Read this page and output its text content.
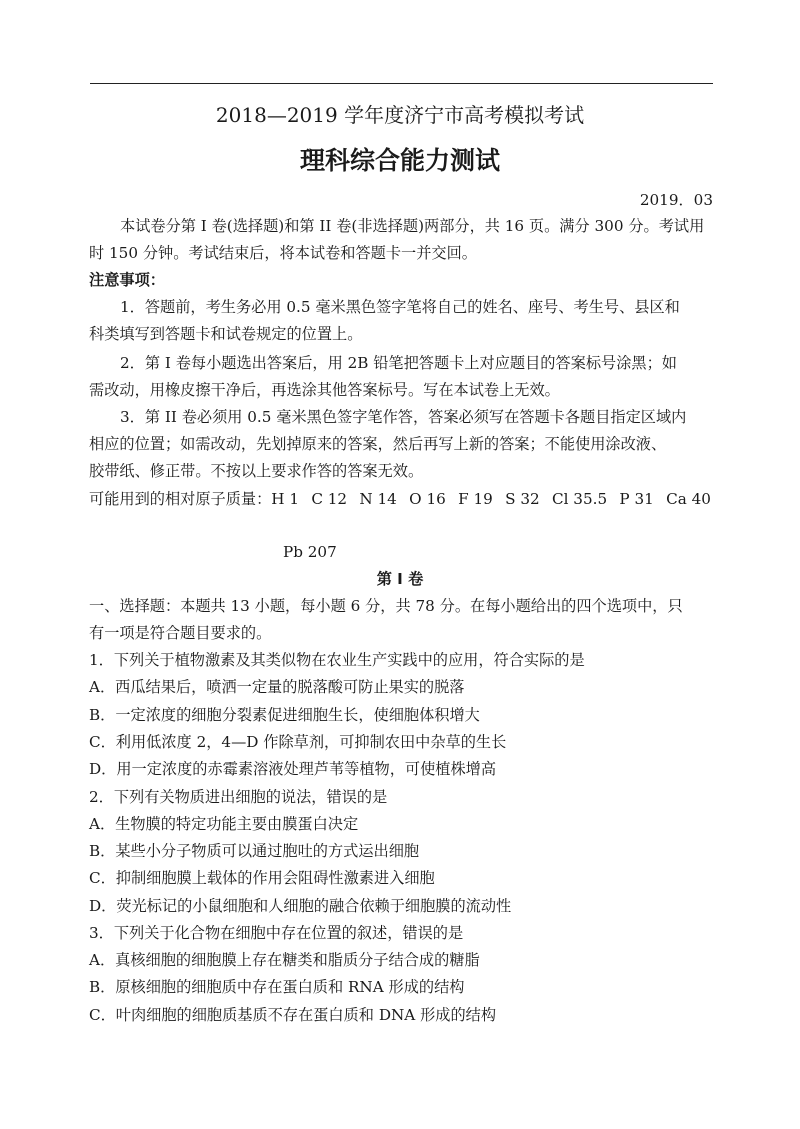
2018—2019 学年度济宁市高考模拟考试
理科综合能力测试
2019．03
本试卷分第 I 卷(选择题)和第 II 卷(非选择题)两部分，共 16 页。满分 300 分。考试用
时 150 分钟。考试结束后，将本试卷和答题卡一并交回。
注意事项：
1．答题前，考生务必用 0.5 毫米黑色签字笔将自己的姓名、座号、考生号、县区和
科类填写到答题卡和试卷规定的位置上。
2．第 I 卷每小题选出答案后，用 2B 铅笔把答题卡上对应题目的答案标号涂黑；如
需改动，用橡皮擦干净后，再选涂其他答案标号。写在本试卷上无效。
3．第 II 卷必须用 0.5 毫米黑色签字笔作答，答案必须写在答题卡各题目指定区域内
相应的位置；如需改动，先划掉原来的答案，然后再写上新的答案；不能使用涂改液、
胶带纸、修正带。不按以上要求作答的答案无效。
可能用到的相对原子质量：H 1 C 12 N 14 O 16 F 19 S 32 Cl 35.5 P 31 Ca 40
Pb 207
第 I 卷
一、选择题：本题共 13 小题，每小题 6 分，共 78 分。在每小题给出的四个选项中，只
有一项是符合题目要求的。
1．下列关于植物激素及其类似物在农业生产实践中的应用，符合实际的是
A．西瓜结果后，喷洒一定量的脱落酸可防止果实的脱落
B．一定浓度的细胞分裂素促进细胞生长，使细胞体积增大
C．利用低浓度 2，4—D 作除草剂，可抑制农田中杂草的生长
D．用一定浓度的赤霉素溶液处理芦苇等植物，可使植株增高
2．下列有关物质进出细胞的说法，错误的是
A．生物膜的特定功能主要由膜蛋白决定
B．某些小分子物质可以通过胞吐的方式运出细胞
C．抑制细胞膜上载体的作用会阻碍性激素进入细胞
D．荧光标记的小鼠细胞和人细胞的融合依赖于细胞膜的流动性
3．下列关于化合物在细胞中存在位置的叙述，错误的是
A．真核细胞的细胞膜上存在糖类和脂质分子结合成的糖脂
B．原核细胞的细胞质中存在蛋白质和 RNA 形成的结构
C．叶肉细胞的细胞质基质不存在蛋白质和 DNA 形成的结构
